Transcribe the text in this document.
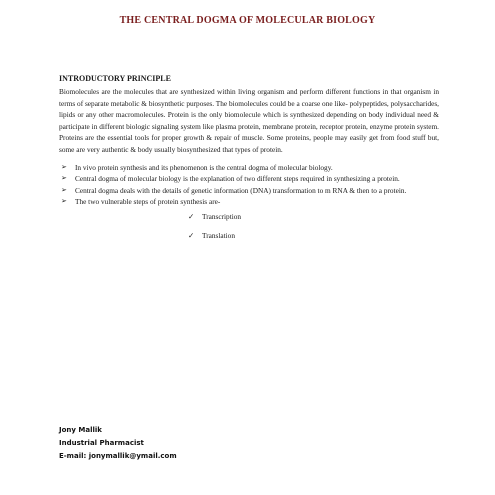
THE CENTRAL DOGMA OF MOLECULAR BIOLOGY
INTRODUCTORY PRINCIPLE

Biomolecules are the molecules that are synthesized within living organism and perform different functions in that organism in terms of separate metabolic & biosynthetic purposes. The biomolecules could be a coarse one like- polypeptides, polysaccharides, lipids or any other macromolecules. Protein is the only biomolecule which is synthesized depending on body individual need & participate in different biologic signaling system like plasma protein, membrane protein, receptor protein, enzyme protein system. Proteins are the essential tools for proper growth & repair of muscle. Some proteins, people may easily get from food stuff but, some are very authentic & body usually biosynthesized that types of protein.

➢ In vivo protein synthesis and its phenomenon is the central dogma of molecular biology.
➢ Central dogma of molecular biology is the explanation of two different steps required in synthesizing a protein.
➢ Central dogma deals with the details of genetic information (DNA) transformation to m RNA & then to a protein.
➢ The two vulnerable steps of protein synthesis are-
✓ Transcription
✓ Translation
Jony Mallik
Industrial Pharmacist
E-mail: jonymallik@ymail.com
